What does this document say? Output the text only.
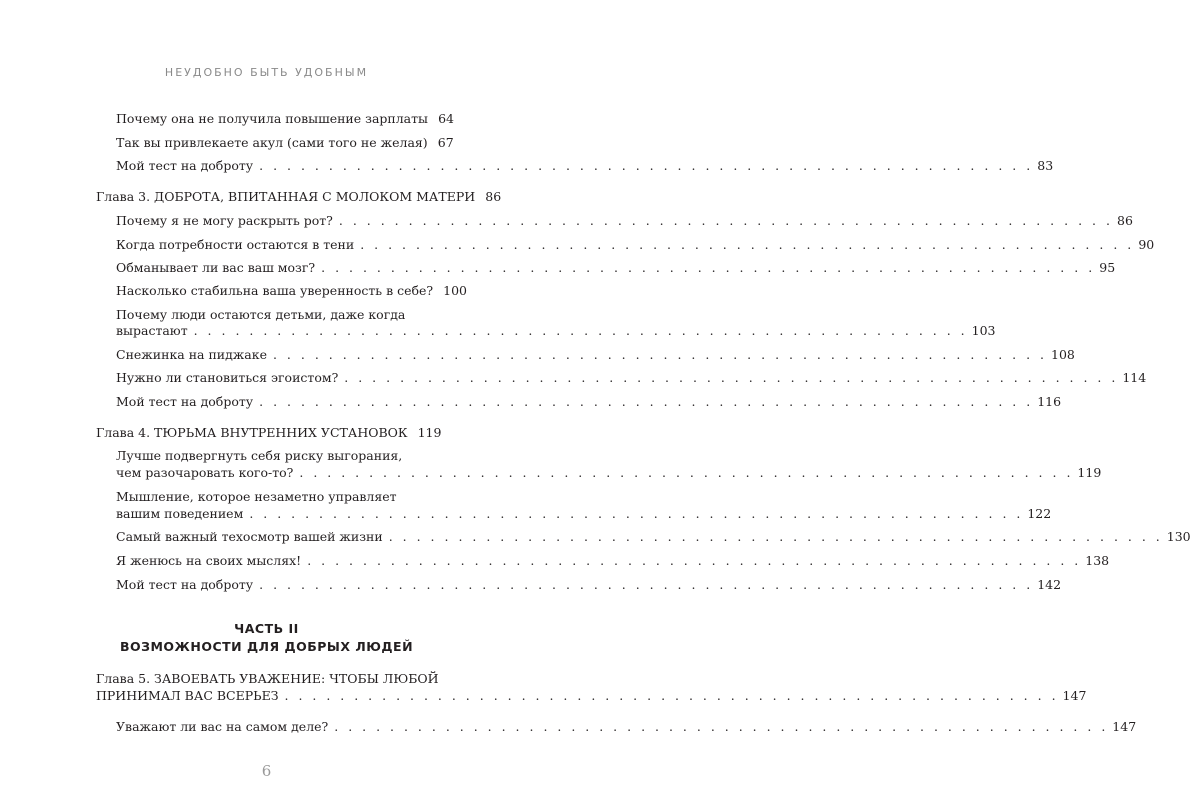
НЕУДОБНО БЫТЬ УДОБНЫМ
Почему она не получила повышение зарплаты 64
Так вы привлекаете акул (сами того не желая) 67
Мой тест на доброту . . . . . . . . . . . . . . . . . . . . . . . . . . . . . . . . . . . . . . . . . . . . . . . . . . . . . . . . 83
Глава 3. ДОБРОТА, ВПИТАННАЯ С МОЛОКОМ МАТЕРИ 86
Почему я не могу раскрыть рот? . . . . . . . . . . . . . . . . . . . . . . . . . . . . . . . . . . . . . . . . . . . . . . . . . . . . . . . . 86
Когда потребности остаются в тени . . . . . . . . . . . . . . . . . . . . . . . . . . . . . . . . . . . . . . . . . . . . . . . . . . . . . . . . 90
Обманывает ли вас ваш мозг? . . . . . . . . . . . . . . . . . . . . . . . . . . . . . . . . . . . . . . . . . . . . . . . . . . . . . . . . 95
Насколько стабильна ваша уверенность в себе? 100
Почему люди остаются детьми, даже когда
вырастают . . . . . . . . . . . . . . . . . . . . . . . . . . . . . . . . . . . . . . . . . . . . . . . . . . . . . . . . 103
Снежинка на пиджаке . . . . . . . . . . . . . . . . . . . . . . . . . . . . . . . . . . . . . . . . . . . . . . . . . . . . . . . . 108
Нужно ли становиться эгоистом? . . . . . . . . . . . . . . . . . . . . . . . . . . . . . . . . . . . . . . . . . . . . . . . . . . . . . . . . 114
Мой тест на доброту . . . . . . . . . . . . . . . . . . . . . . . . . . . . . . . . . . . . . . . . . . . . . . . . . . . . . . . . 116
Глава 4. ТЮРЬМА ВНУТРЕННИХ УСТАНОВОК 119
Лучше подвергнуть себя риску выгорания,
чем разочаровать кого-то? . . . . . . . . . . . . . . . . . . . . . . . . . . . . . . . . . . . . . . . . . . . . . . . . . . . . . . . . 119
Мышление, которое незаметно управляет
вашим поведением . . . . . . . . . . . . . . . . . . . . . . . . . . . . . . . . . . . . . . . . . . . . . . . . . . . . . . . . 122
Самый важный техосмотр вашей жизни . . . . . . . . . . . . . . . . . . . . . . . . . . . . . . . . . . . . . . . . . . . . . . . . . . . . . . . . 130
Я женюсь на своих мыслях! . . . . . . . . . . . . . . . . . . . . . . . . . . . . . . . . . . . . . . . . . . . . . . . . . . . . . . . . 138
Мой тест на доброту . . . . . . . . . . . . . . . . . . . . . . . . . . . . . . . . . . . . . . . . . . . . . . . . . . . . . . . . 142
ЧАСТЬ II
ВОЗМОЖНОСТИ ДЛЯ ДОБРЫХ ЛЮДЕЙ
Глава 5. ЗАВОЕВАТЬ УВАЖЕНИЕ: ЧТОБЫ ЛЮБОЙ
ПРИНИМАЛ ВАС ВСЕРЬЕЗ . . . . . . . . . . . . . . . . . . . . . . . . . . . . . . . . . . . . . . . . . . . . . . . . . . . . . . . . 147
Уважают ли вас на самом деле? . . . . . . . . . . . . . . . . . . . . . . . . . . . . . . . . . . . . . . . . . . . . . . . . . . . . . . . . 147
6
